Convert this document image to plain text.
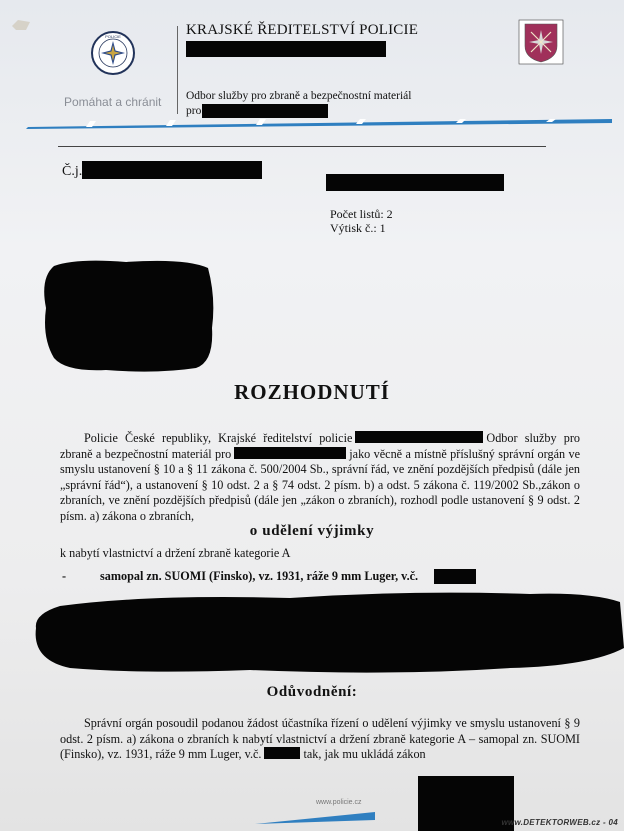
POLICIE
Pomáhat a chránit
KRAJSKÉ ŘEDITELSTVÍ POLICIE
Odbor služby pro zbraně a bezpečnostní materiál
pro
Č.j.
Počet listů: 2
Výtisk č.: 1
ROZHODNUTÍ
Policie České republiky, Krajské ředitelství policie	Odbor služby pro zbraně a bezpečnostní materiál pro	jako věcně a místně příslušný správní orgán ve smyslu ustanovení § 10 a § 11 zákona č. 500/2004 Sb., správní řád, ve znění pozdějších předpisů (dále jen „správní řád“), a ustanovení § 10 odst. 2 a § 74 odst. 2 písm. b) a odst. 5 zákona č. 119/2002 Sb.,zákon o zbraních, ve znění pozdějších předpisů (dále jen „zákon o zbraních), rozhodl podle ustanovení § 9 odst. 2 písm. a) zákona o zbraních,
o udělení výjimky
k nabytí vlastnictví a držení zbraně kategorie A
-	samopal zn. SUOMI (Finsko), vz. 1931, ráže 9 mm Luger, v.č.
Odůvodnění:
Správní orgán posoudil podanou žádost účastníka řízení o udělení výjimky ve smyslu ustanovení § 9 odst. 2 písm. a) zákona o zbraních k nabytí vlastnictví a držení zbraně kategorie A – samopal zn. SUOMI (Finsko), vz. 1931, ráže 9 mm Luger, v.č.	tak, jak mu ukládá zákon
www.policie.cz
www.DETEKTORWEB.cz - 04
